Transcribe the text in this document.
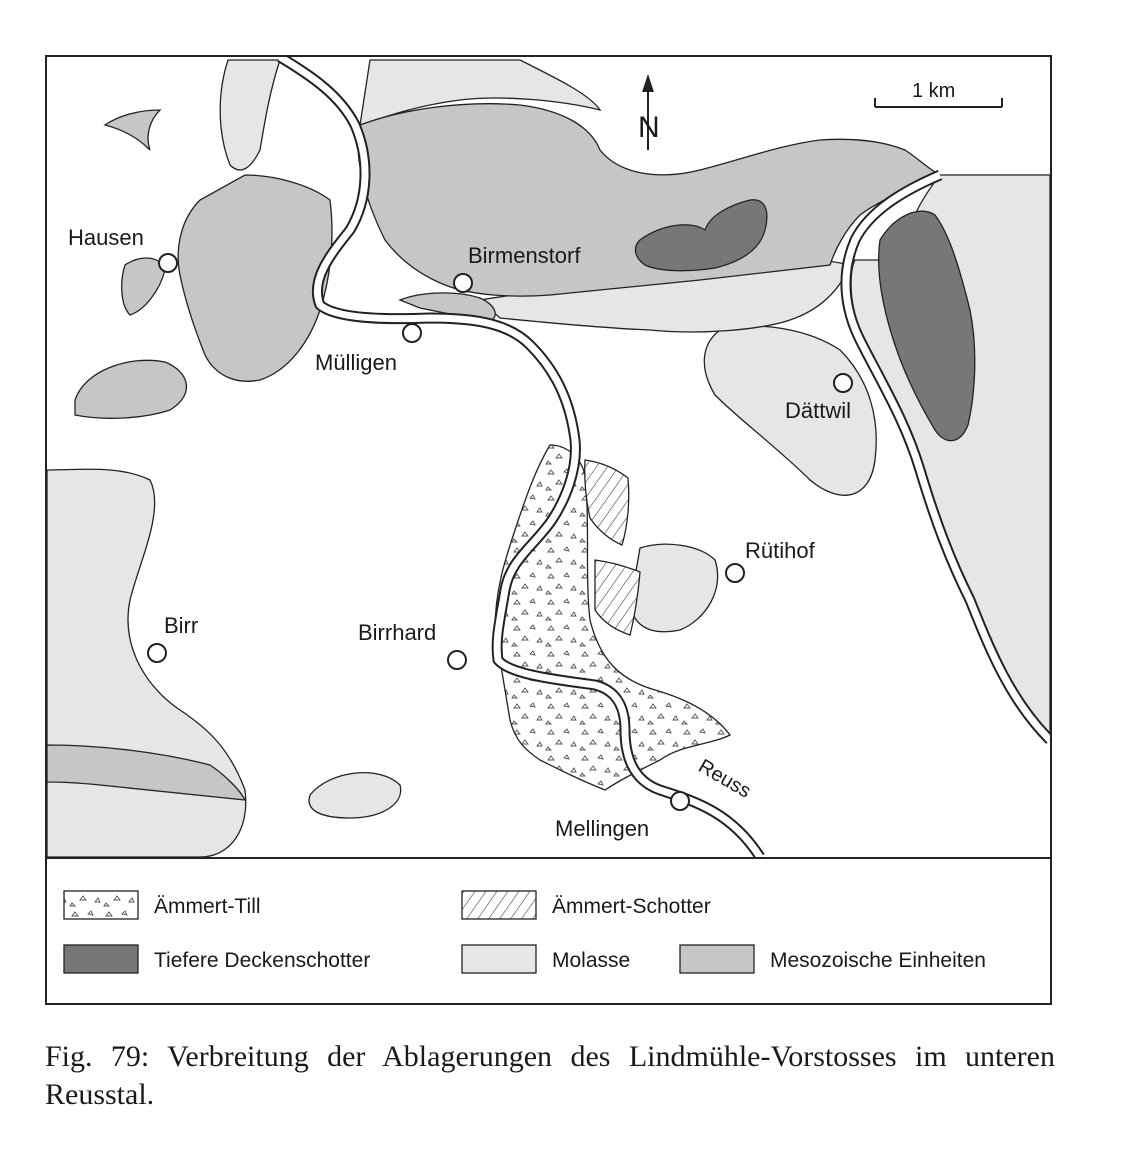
Hausen
Birmenstorf
Mülligen
Dättwil
Rütihof
Birr	Birrhard
Mellingen
Reuss
N
1 km
Ämmert-Till	Ämmert-Schotter
Tiefere Deckenschotter	Molasse	Mesozoische Einheiten
Fig. 79: Verbreitung der Ablagerungen des Lindmühle-Vorstosses im unteren Reusstal.
